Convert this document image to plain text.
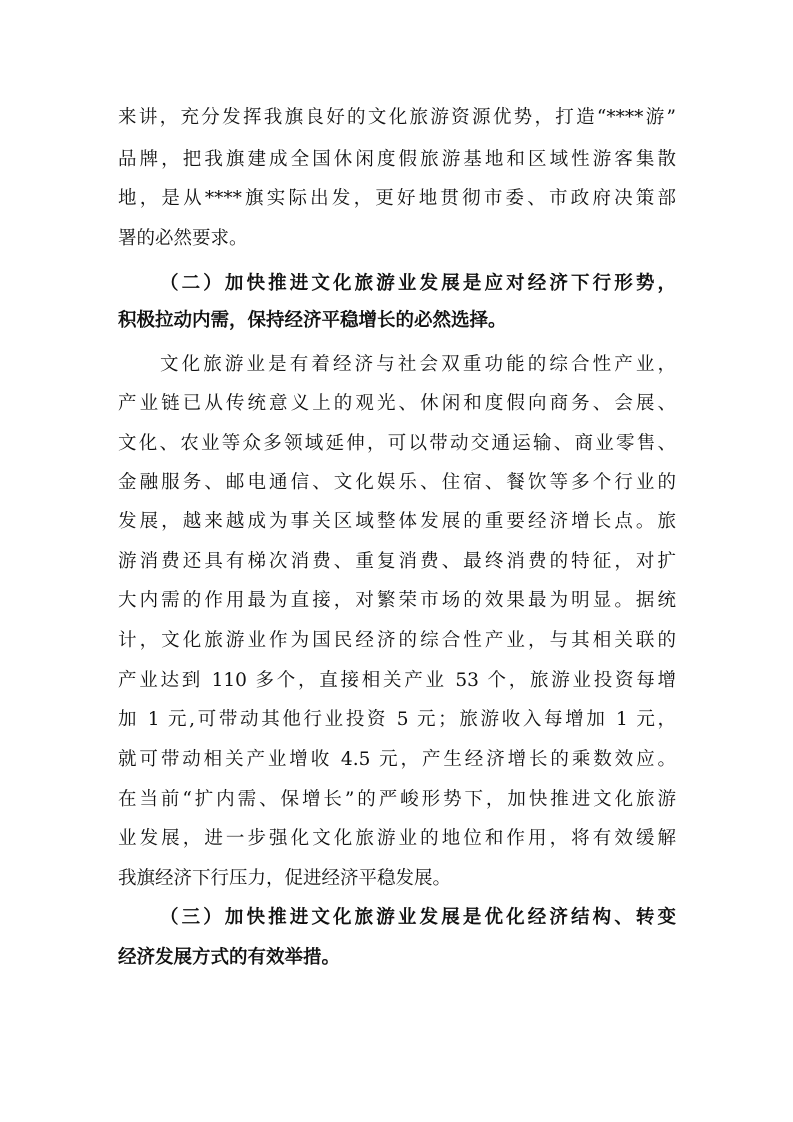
来讲，充分发挥我旗良好的文化旅游资源优势，打造“****游”
品牌，把我旗建成全国休闲度假旅游基地和区域性游客集散
地，是从****旗实际出发，更好地贯彻市委、市政府决策部
署的必然要求。
（二）加快推进文化旅游业发展是应对经济下行形势，
积极拉动内需，保持经济平稳增长的必然选择。
文化旅游业是有着经济与社会双重功能的综合性产业，
产业链已从传统意义上的观光、休闲和度假向商务、会展、
文化、农业等众多领域延伸，可以带动交通运输、商业零售、
金融服务、邮电通信、文化娱乐、住宿、餐饮等多个行业的
发展，越来越成为事关区域整体发展的重要经济增长点。旅
游消费还具有梯次消费、重复消费、最终消费的特征，对扩
大内需的作用最为直接，对繁荣市场的效果最为明显。据统
计，文化旅游业作为国民经济的综合性产业，与其相关联的
产业达到 110 多个，直接相关产业 53 个，旅游业投资每增
加 1 元,可带动其他行业投资 5 元；旅游收入每增加 1 元，
就可带动相关产业增收 4.5 元，产生经济增长的乘数效应。
在当前“扩内需、保增长”的严峻形势下，加快推进文化旅游
业发展，进一步强化文化旅游业的地位和作用，将有效缓解
我旗经济下行压力，促进经济平稳发展。
（三）加快推进文化旅游业发展是优化经济结构、转变
经济发展方式的有效举措。
